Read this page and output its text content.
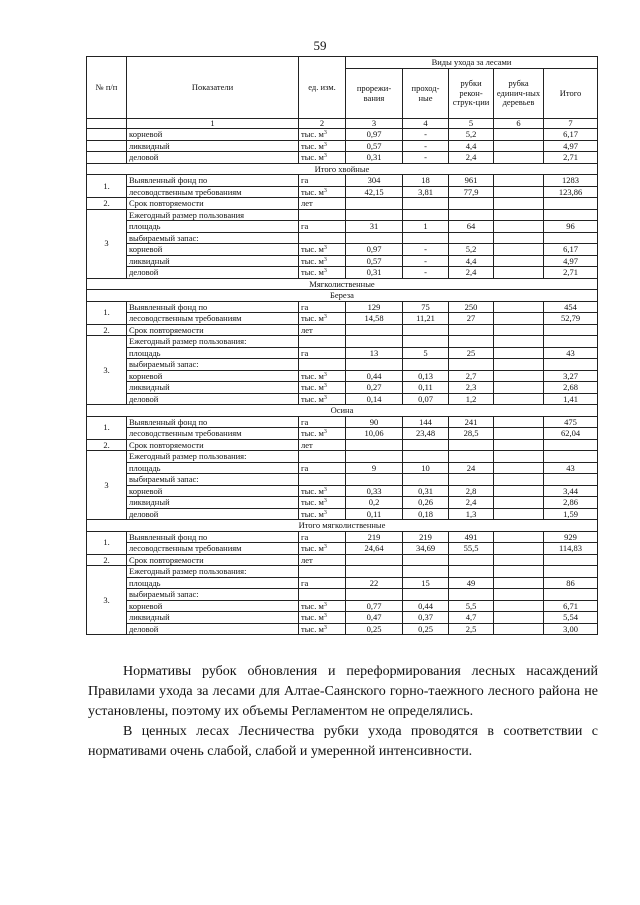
59
№ п/п	Показатели	ед. изм.	Виды ухода за лесами				
			прорежи-вания	проход-ные	рубки рекон-струк-ции	рубка единич-ных деревьев	Итого
	1	2	3	4	5	6	7
	корневой	тыс. $м^3$	0,97	-	5,2		6,17
	ликвидный	тыс. $м^3$	0,57	-	4,4		4,97
	деловой	тыс. $м^3$	0,31	-	2,4		2,71
Итого хвойные							
1.	Выявленный фонд по	га	304	18	961		1283
	лесоводственным требованиям	тыс. $м^3$	42,15	3,81	77,9		123,86
2.	Срок повторяемости	лет					
3	Ежегодный размер пользования						
	площадь	га	31	1	64		96
	выбираемый запас:						
	корневой	тыс. $м^3$	0,97	-	5,2		6,17
	ликвидный	тыс. $м^3$	0,57	-	4,4		4,97
	деловой	тыс. $м^3$	0,31	-	2,4		2,71
Мягколиственные							
Береза							
1.	Выявленный фонд по	га	129	75	250		454
	лесоводственным требованиям	тыс. $м^3$	14,58	11,21	27		52,79
2.	Срок повторяемости	лет					
3.	Ежегодный размер пользования:						
	площадь	га	13	5	25		43
	выбираемый запас:						
	корневой	тыс. $м^3$	0,44	0,13	2,7		3,27
	ликвидный	тыс. $м^3$	0,27	0,11	2,3		2,68
	деловой	тыс. $м^3$	0,14	0,07	1,2		1,41
Осина							
1.	Выявленный фонд по	га	90	144	241		475
	лесоводственным требованиям	тыс. $м^3$	10,06	23,48	28,5		62,04
2.	Срок повторяемости	лет					
3	Ежегодный размер пользования:						
	площадь	га	9	10	24		43
	выбираемый запас:						
	корневой	тыс. $м^3$	0,33	0,31	2,8		3,44
	ликвидный	тыс. $м^3$	0,2	0,26	2,4		2,86
	деловой	тыс. $м^3$	0,11	0,18	1,3		1,59
Итого мягколиственные							
1.	Выявленный фонд по	га	219	219	491		929
	лесоводственным требованиям	тыс. $м^3$	24,64	34,69	55,5		114,83
2.	Срок повторяемости	лет					
3.	Ежегодный размер пользования:						
	площадь	га	22	15	49		86
	выбираемый запас:						
	корневой	тыс. $м^3$	0,77	0,44	5,5		6,71
	ликвидный	тыс. $м^3$	0,47	0,37	4,7		5,54
	деловой	тыс. $м^3$	0,25	0,25	2,5		3,00

Нормативы рубок обновления и переформирования лесных насаждений Правилами ухода за лесами для Алтае-Саянского горно-таежного лесного района не установлены, поэтому их объемы Регламентом не определялись.

В ценных лесах Лесничества рубки ухода проводятся в соответствии с нормативами очень слабой, слабой и умеренной интенсивности.
